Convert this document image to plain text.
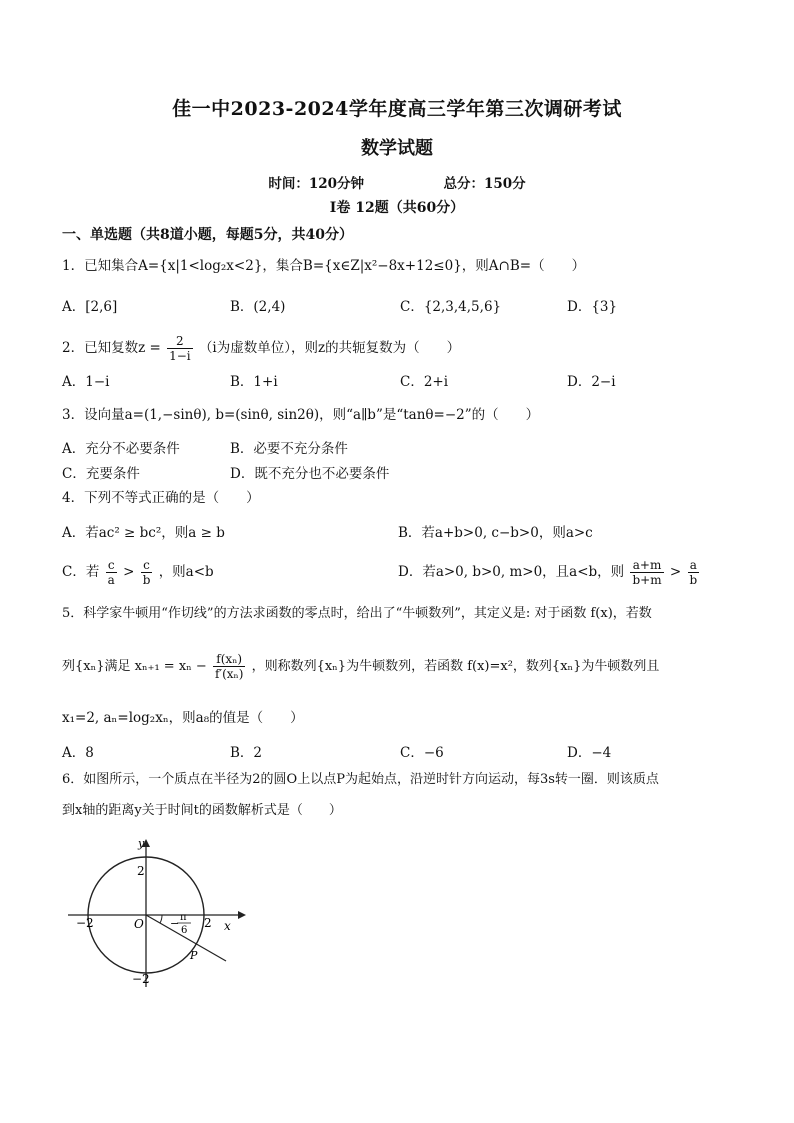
佳一中2023-2024学年度高三学年第三次调研考试
数学试题
时间：120分钟	总分：150分
Ⅰ卷 12题（共60分）
一、单选题（共8道小题，每题5分，共40分）
1．已知集合A={x|1<log₂x<2}，集合B={x∈Z|x²−8x+12≤0}，则A∩B=（　　）
A．[2,6]	B．(2,4)	C．{2,3,4,5,6}	D．{3}
2．已知复数$z = \frac{2}{1-i} (i$为虚数单位），则z的共轭复数为（　　）
A．1−i	B．1+i	C．2+i	D．2−i
3．设向量a=(1,−sinθ), b=(sinθ, sin2θ)，则“a∥b”是“tanθ=−2”的（　　）
A．充分不必要条件	B．必要不充分条件
C．充要条件	D．既不充分也不必要条件
4．下列不等式正确的是（　　）
A．若ac² ≥ bc²，则a ≥ b	B．若a+b>0, c−b>0，则a>c
C．若 $\frac{c}{a} > \frac{c}{b}$ ，则a<b	D．若a>0, b>0, m>0，且a<b，则 $\frac{a+m}{b+m} > \frac{a}{b}$
5．科学家牛顿用“作切线”的方法求函数的零点时，给出了“牛顿数列”，其定义是: 对于函数 f(x)，若数
列{xₙ}满足 $x_{n+1} = x_n - \frac{\text{f(xₙ)}}{\text{f′(xₙ)}}$ ，则称数列{xₙ}为牛顿数列，若函数 f(x)=x²，数列{xₙ}为牛顿数列且
x₁=2, aₙ=log₂xₙ，则a₈的值是（　　）
A．8	B．2	C．−6	D．−4
6．如图所示，一个质点在半径为2的圆O上以点P为起始点，沿逆时针方向运动，每3s转一圈．则该质点
到x轴的距离y关于时间t的函数解析式是（　　）
y
x
O
P
2
−2	2
−2
− π
6
